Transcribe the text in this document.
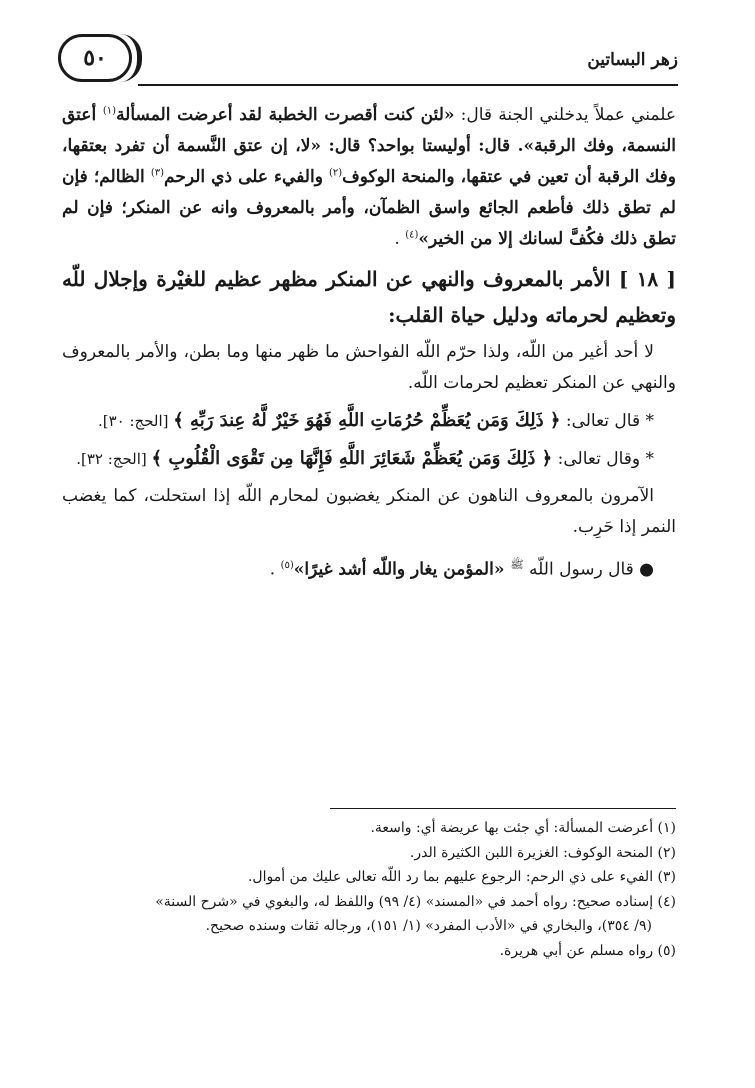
٥٠	زهر البساتين

علمني عملاً يدخلني الجنة قال: «لئن كنت أقصرت الخطبة لقد أعرضت المسألة$^{(١)}$ أعتق النسمة، وفك الرقبة». قال: أوليستا بواحد؟ قال: «لا، إن عتق النَّسمة أن تفرد بعتقها، وفك الرقبة أن تعين في عتقها، والمنحة الوكوف$^{(٢)}$ والفيء على ذي الرحم$^{(٣)}$ الظالم؛ فإن لم تطق ذلك فأطعم الجائع واسق الظمآن، وأمر بالمعروف وانه عن المنكر؛ فإن لم تطق ذلك فكُفَّ لسانك إلا من الخير»$^{(٤)}$ .

[ ١٨ ] الأمر بالمعروف والنهي عن المنكر مظهر عظيم للغيْرة وإجلال للّه وتعظيم لحرماته ودليل حياة القلب:

لا أحد أغير من اللّه، ولذا حرّم اللّه الفواحش ما ظهر منها وما بطن، والأمر بالمعروف والنهي عن المنكر تعظيم لحرمات اللّه.

* قال تعالى: ﴿ ذَلِكَ وَمَن يُعَظِّمْ حُرُمَاتِ اللَّهِ فَهُوَ خَيْرٌ لَّهُ عِندَ رَبِّهِ ﴾ [الحج: ٣٠].

* وقال تعالى: ﴿ ذَلِكَ وَمَن يُعَظِّمْ شَعَائِرَ اللَّهِ فَإِنَّهَا مِن تَقْوَى الْقُلُوبِ ﴾ [الحج: ٣٢].

الآمرون بالمعروف الناهون عن المنكر يغضبون لمحارم اللّه إذا استحلت، كما يغضب النمر إذا حَرِب.

● قال رسول اللّه $^ﷺ$ «المؤمن يغار واللّه أشد غيرًا»$^{(٥)}$ .

(١) أعرضت المسألة: أي جئت بها عريضة أي: واسعة.

(٢) المنحة الوكوف: الغزيرة اللبن الكثيرة الدر.

(٣) الفيء على ذي الرحم: الرجوع عليهم بما رد اللّه تعالى عليك من أموال.

(٤) إسناده صحيح: رواه أحمد في «المسند» (٤/ ٩٩) واللفظ له، والبغوي في «شرح السنة»

(٩/ ٣٥٤)، والبخاري في «الأدب المفرد» (١/ ١٥١)، ورجاله ثقات وسنده صحيح.

(٥) رواه مسلم عن أبي هريرة.
